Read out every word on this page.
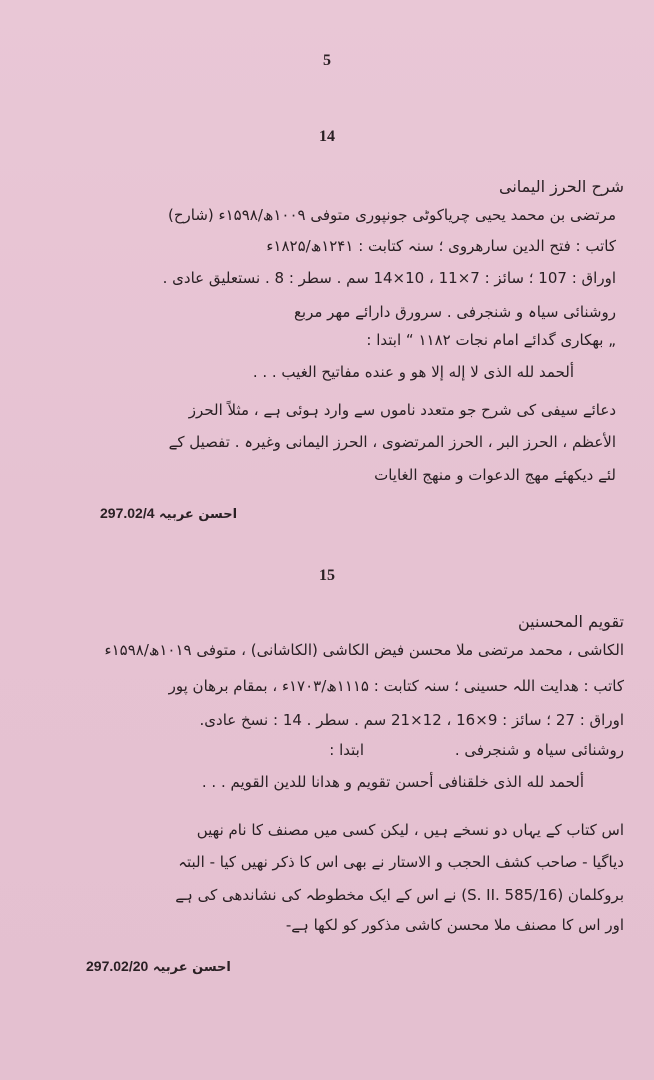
5
14
شرح الحرز الیمانی
مرتضی بن محمد یحیی چریاکوٹی جونپوری متوفی ۱۰۰۹ھ/۱۵۹۸ء (شارح)
کاتب : فتح الدین سارھروی ؛ سنہ کتابت : ۱۲۴۱ھ/۱۸۲۵ء
اوراق : 107 ؛ سائز : 7×11 ، 10×14 سم . سطر : 8 . نستعلیق عادی .
روشنائی سیاہ و شنجرفی . سرورق دارائے مھر مربع
„ بھکاری گدائے امام نجات ۱۱۸۲ “ ابتدا :
ألحمد لله الذی لا إله إلا هو و عنده مفاتیح الغیب . . .
دعائے سیفی کی شرح جو متعدد ناموں سے وارد ہوئی ہے ، مثلاً الحرز
الأعظم ، الحرز البر ، الحرز المرتضوی ، الحرز الیمانی وغیرہ . تفصیل کے
لئے دیکھئے مھج الدعوات و منھج الغایات
احسن عربیہ 297.02/4
15
تقویم المحسنین
الکاشی ، محمد مرتضی ملا محسن فیض الکاشی (الکاشانی) ، متوفی ۱۰۱۹ھ/۱۵۹۸ء
کاتب : ھدایت اللہ حسینی ؛ سنہ کتابت : ۱۱۱۵ھ/۱۷۰۳ء ، بمقام برھان پور
اوراق : 27 ؛ سائز : 9×16 ، 12×21 سم . سطر . 14 : نسخ عادی.
روشنائی سیاہ و شنجرفی .
ابتدا :
ألحمد لله الذی خلقنافی أحسن تقویم و ھدانا للدین القویم . . .
اس کتاب کے یہاں دو نسخے ہیں ، لیکن کسی میں مصنف کا نام نھیں
دیاگیا - صاحب کشف الحجب و الاستار نے بھی اس کا ذکر نھیں کیا - البتہ
بروکلمان (S. II. 585/16) نے اس کے ایک مخطوطہ کی نشاندھی کی ہے
اور اس کا مصنف ملا محسن کاشی مذکور کو لکھا ہے-
احسن عربیہ 297.02/20
